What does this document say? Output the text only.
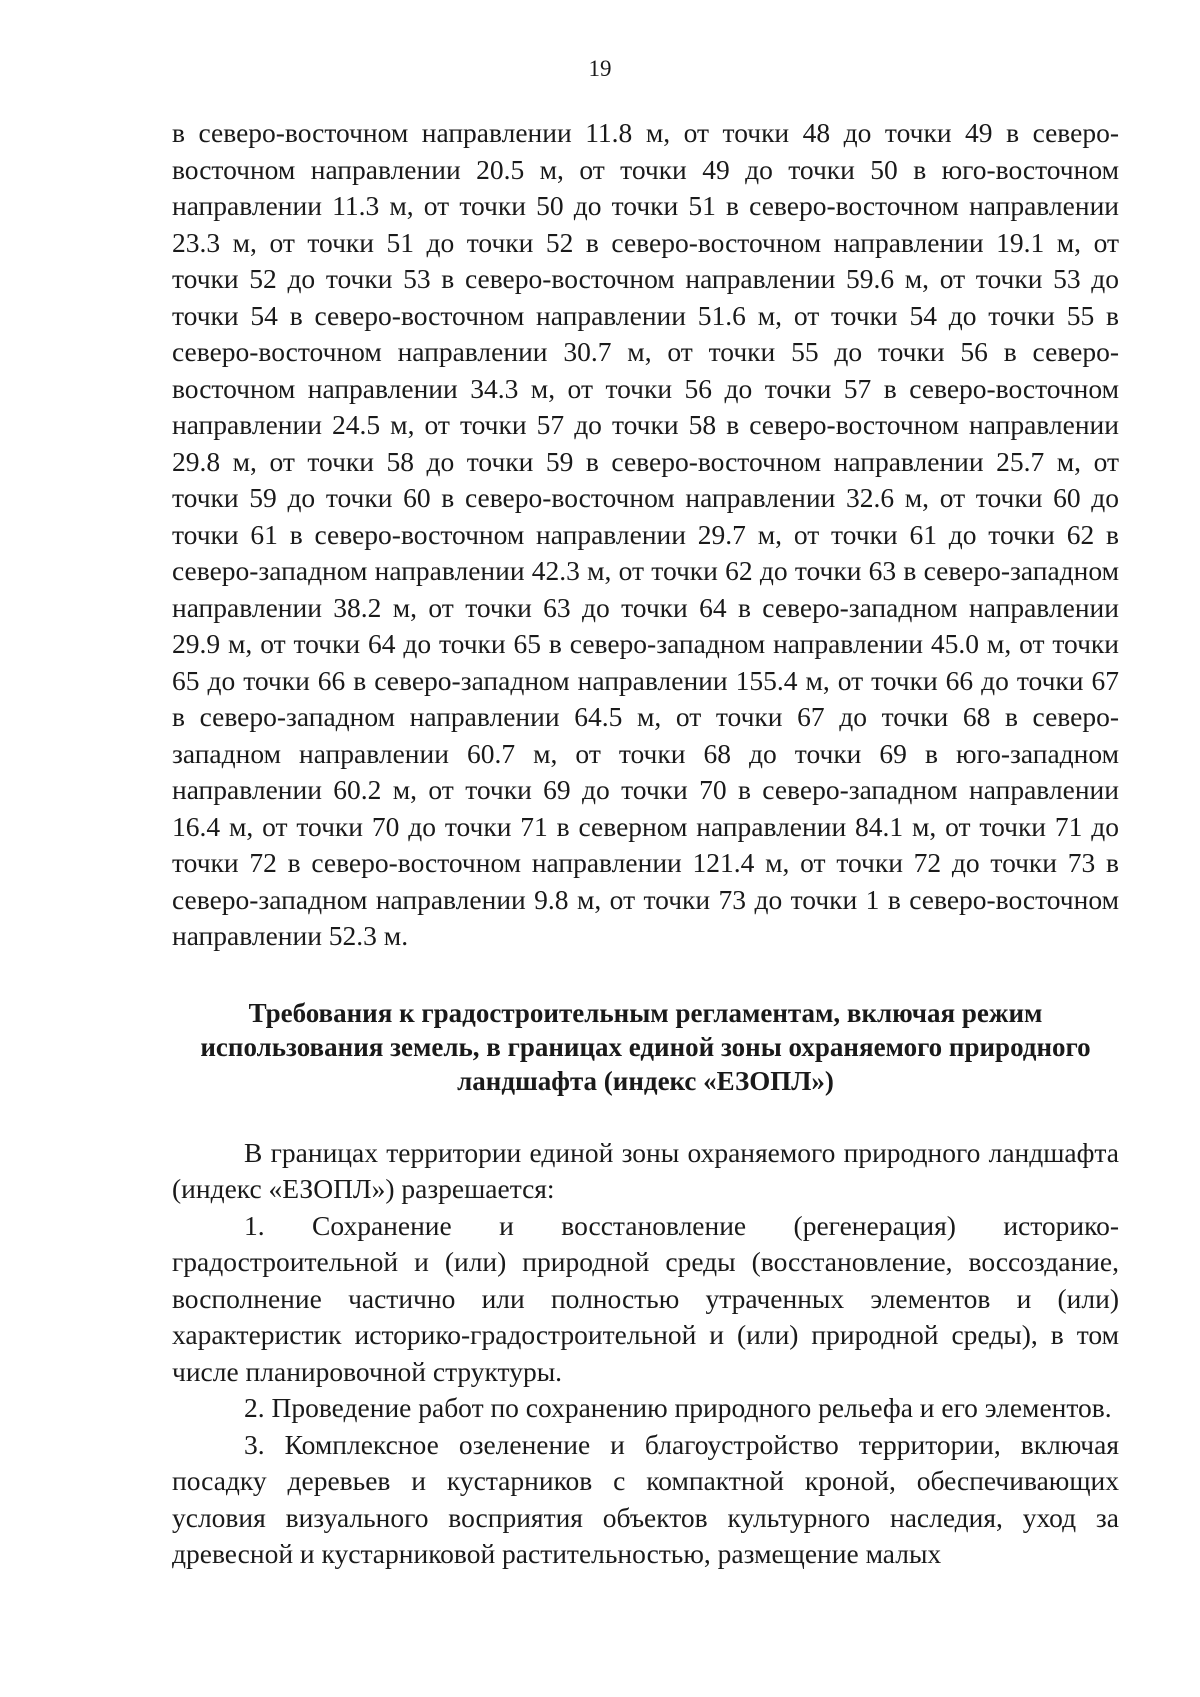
19

в северо-восточном направлении 11.8 м, от точки 48 до точки 49 в северо-восточном направлении 20.5 м, от точки 49 до точки 50 в юго-восточном направлении 11.3 м, от точки 50 до точки 51 в северо-восточном направлении 23.3 м, от точки 51 до точки 52 в северо-восточном направлении 19.1 м, от точки 52 до точки 53 в северо-восточном направлении 59.6 м, от точки 53 до точки 54 в северо-восточном направлении 51.6 м, от точки 54 до точки 55 в северо-восточном направлении 30.7 м, от точки 55 до точки 56 в северо-восточном направлении 34.3 м, от точки 56 до точки 57 в северо-восточном направлении 24.5 м, от точки 57 до точки 58 в северо-восточном направлении 29.8 м, от точки 58 до точки 59 в северо-восточном направлении 25.7 м, от точки 59 до точки 60 в северо-восточном направлении 32.6 м, от точки 60 до точки 61 в северо-восточном направлении 29.7 м, от точки 61 до точки 62 в северо-западном направлении 42.3 м, от точки 62 до точки 63 в северо-западном направлении 38.2 м, от точки 63 до точки 64 в северо-западном направлении 29.9 м, от точки 64 до точки 65 в северо-западном направлении 45.0 м, от точки 65 до точки 66 в северо-западном направлении 155.4 м, от точки 66 до точки 67 в северо-западном направлении 64.5 м, от точки 67 до точки 68 в северо-западном направлении 60.7 м, от точки 68 до точки 69 в юго-западном направлении 60.2 м, от точки 69 до точки 70 в северо-западном направлении 16.4 м, от точки 70 до точки 71 в северном направлении 84.1 м, от точки 71 до точки 72 в северо-восточном направлении 121.4 м, от точки 72 до точки 73 в северо-западном направлении 9.8 м, от точки 73 до точки 1 в северо-восточном направлении 52.3 м.

Требования к градостроительным регламентам, включая режим использования земель, в границах единой зоны охраняемого природного ландшафта (индекс «ЕЗОПЛ»)

В границах территории единой зоны охраняемого природного ландшафта (индекс «ЕЗОПЛ») разрешается:

1. Сохранение и восстановление (регенерация) историко-градостроительной и (или) природной среды (восстановление, воссоздание, восполнение частично или полностью утраченных элементов и (или) характеристик историко-градостроительной и (или) природной среды), в том числе планировочной структуры.

2. Проведение работ по сохранению природного рельефа и его элементов.

3. Комплексное озеленение и благоустройство территории, включая посадку деревьев и кустарников с компактной кроной, обеспечивающих условия визуального восприятия объектов культурного наследия, уход за древесной и кустарниковой растительностью, размещение малых
